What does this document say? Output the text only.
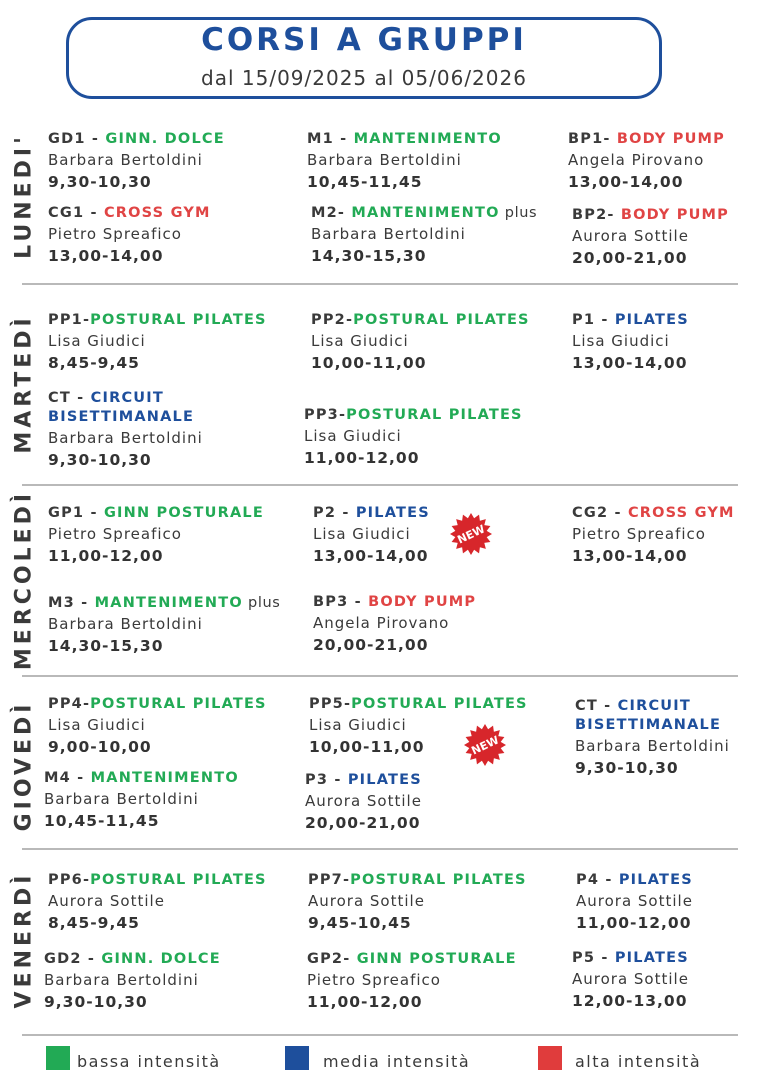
CORSI A GRUPPI
dal 15/09/2025 al 05/06/2026
LUNEDI' GD1 - GINN. DOLCE
Barbara Bertoldini
9,30-10,30
M1 - MANTENIMENTO
Barbara Bertoldini
10,45-11,45
BP1- BODY PUMP
Angela Pirovano
13,00-14,00
CG1 - CROSS GYM
Pietro Spreafico
13,00-14,00
M2- MANTENIMENTO plus
Barbara Bertoldini
14,30-15,30
BP2- BODY PUMP
Aurora Sottile
20,00-21,00
MARTEDÌ PP1-POSTURAL PILATES
Lisa Giudici
8,45-9,45
PP2-POSTURAL PILATES
Lisa Giudici
10,00-11,00
P1 - PILATES
Lisa Giudici
13,00-14,00
CT - CIRCUIT
BISETTIMANALE
Barbara Bertoldini
9,30-10,30
PP3-POSTURAL PILATES
Lisa Giudici
11,00-12,00
MERCOLEDÌ GP1 - GINN POSTURALE
Pietro Spreafico
11,00-12,00
P2 - PILATES
Lisa Giudici
13,00-14,00
CG2 - CROSS GYM
Pietro Spreafico
13,00-14,00
M3 - MANTENIMENTO plus
Barbara Bertoldini
14,30-15,30
BP3 - BODY PUMP
Angela Pirovano
20,00-21,00
GIOVEDÌ PP4-POSTURAL PILATES
Lisa Giudici
9,00-10,00
PP5-POSTURAL PILATES
Lisa Giudici
10,00-11,00
CT - CIRCUIT
BISETTIMANALE
Barbara Bertoldini
9,30-10,30
M4 - MANTENIMENTO
Barbara Bertoldini
10,45-11,45
P3 - PILATES
Aurora Sottile
20,00-21,00
VENERDÌ PP6-POSTURAL PILATES
Aurora Sottile
8,45-9,45
PP7-POSTURAL PILATES
Aurora Sottile
9,45-10,45
P4 - PILATES
Aurora Sottile
11,00-12,00
GD2 - GINN. DOLCE
Barbara Bertoldini
9,30-10,30
GP2- GINN POSTURALE
Pietro Spreafico
11,00-12,00
P5 - PILATES
Aurora Sottile
12,00-13,00
NEW
NEW
bassa intensità	media intensità	alta intensità
